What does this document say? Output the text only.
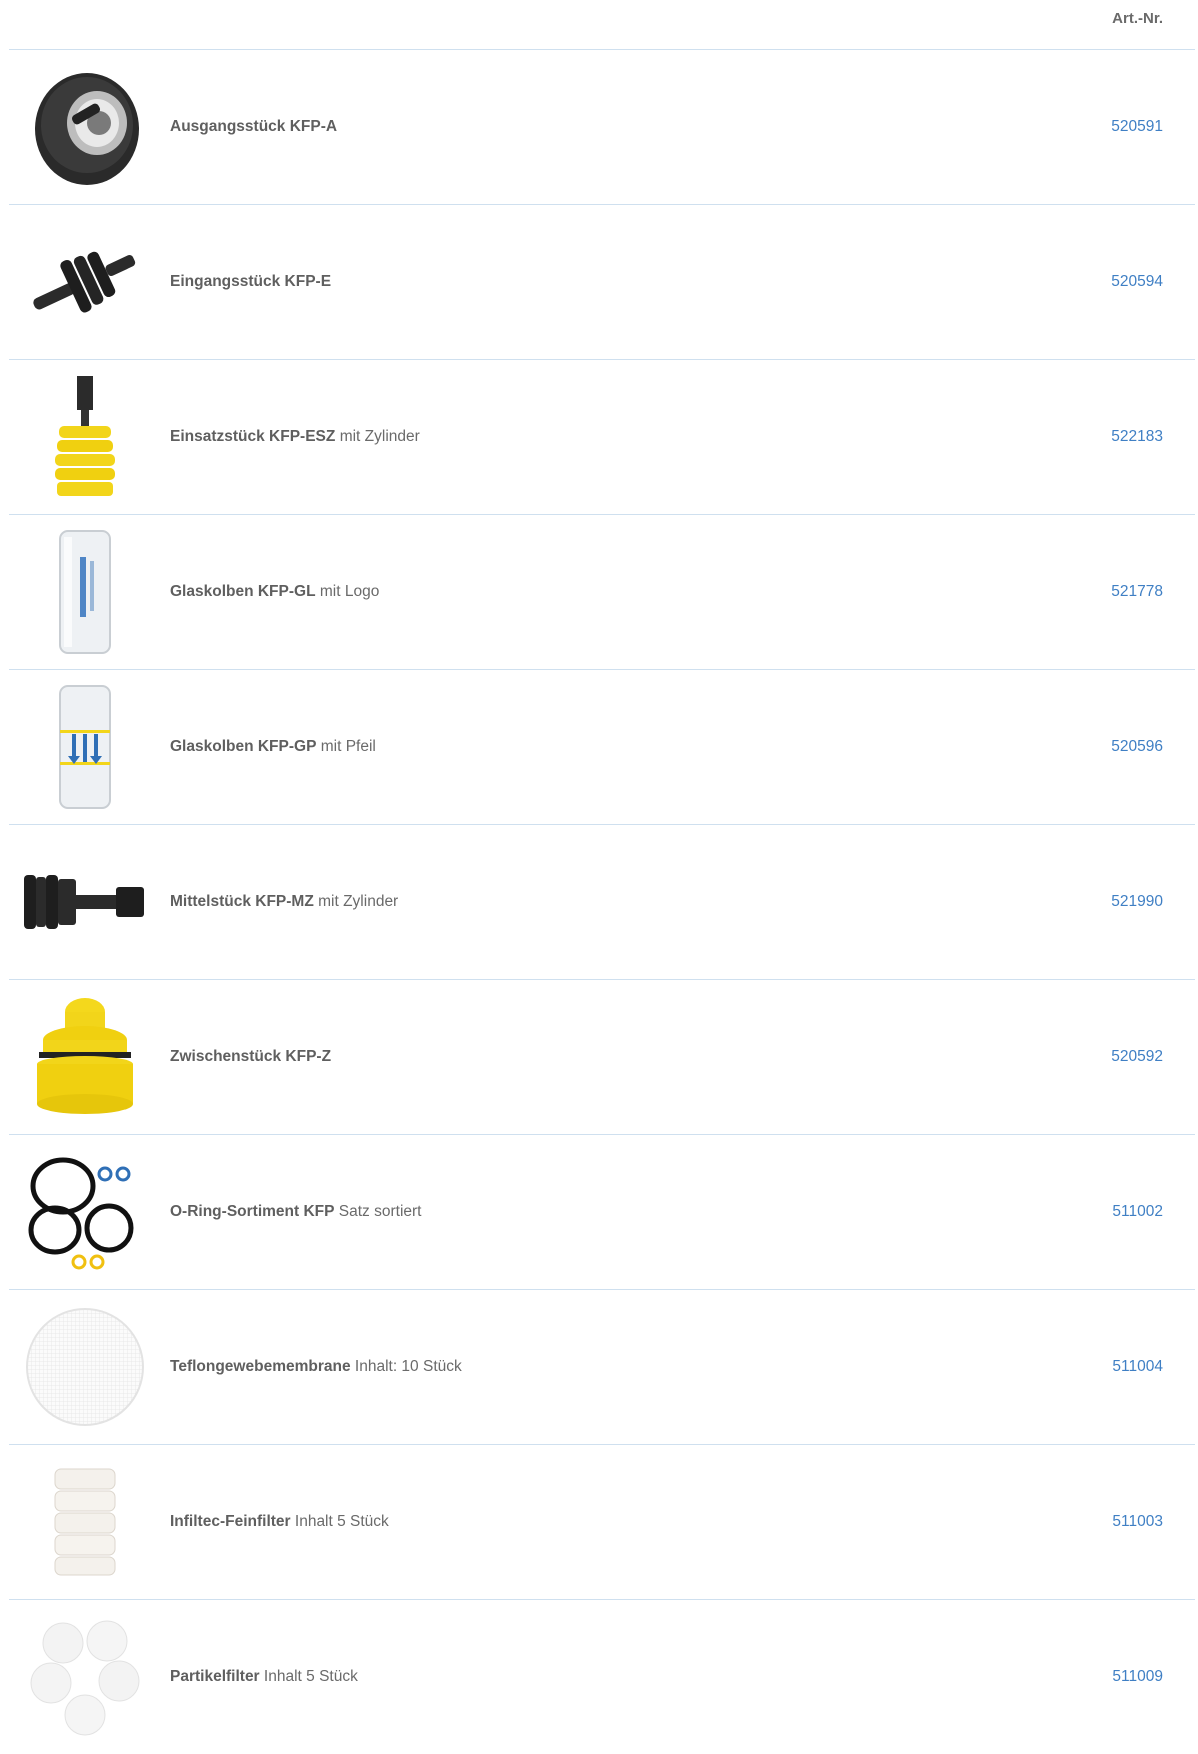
Art.-Nr.
Ausgangsstück KFP-A	520591
Eingangsstück KFP-E	520594
Einsatzstück KFP-ESZ mit Zylinder	522183
Glaskolben KFP-GL mit Logo	521778
Glaskolben KFP-GP mit Pfeil	520596
Mittelstück KFP-MZ mit Zylinder	521990
Zwischenstück KFP-Z	520592
O-Ring-Sortiment KFP Satz sortiert	511002
Teflongewebemembrane Inhalt: 10 Stück	511004
Infiltec-Feinfilter Inhalt 5 Stück	511003
Partikelfilter Inhalt 5 Stück	511009
